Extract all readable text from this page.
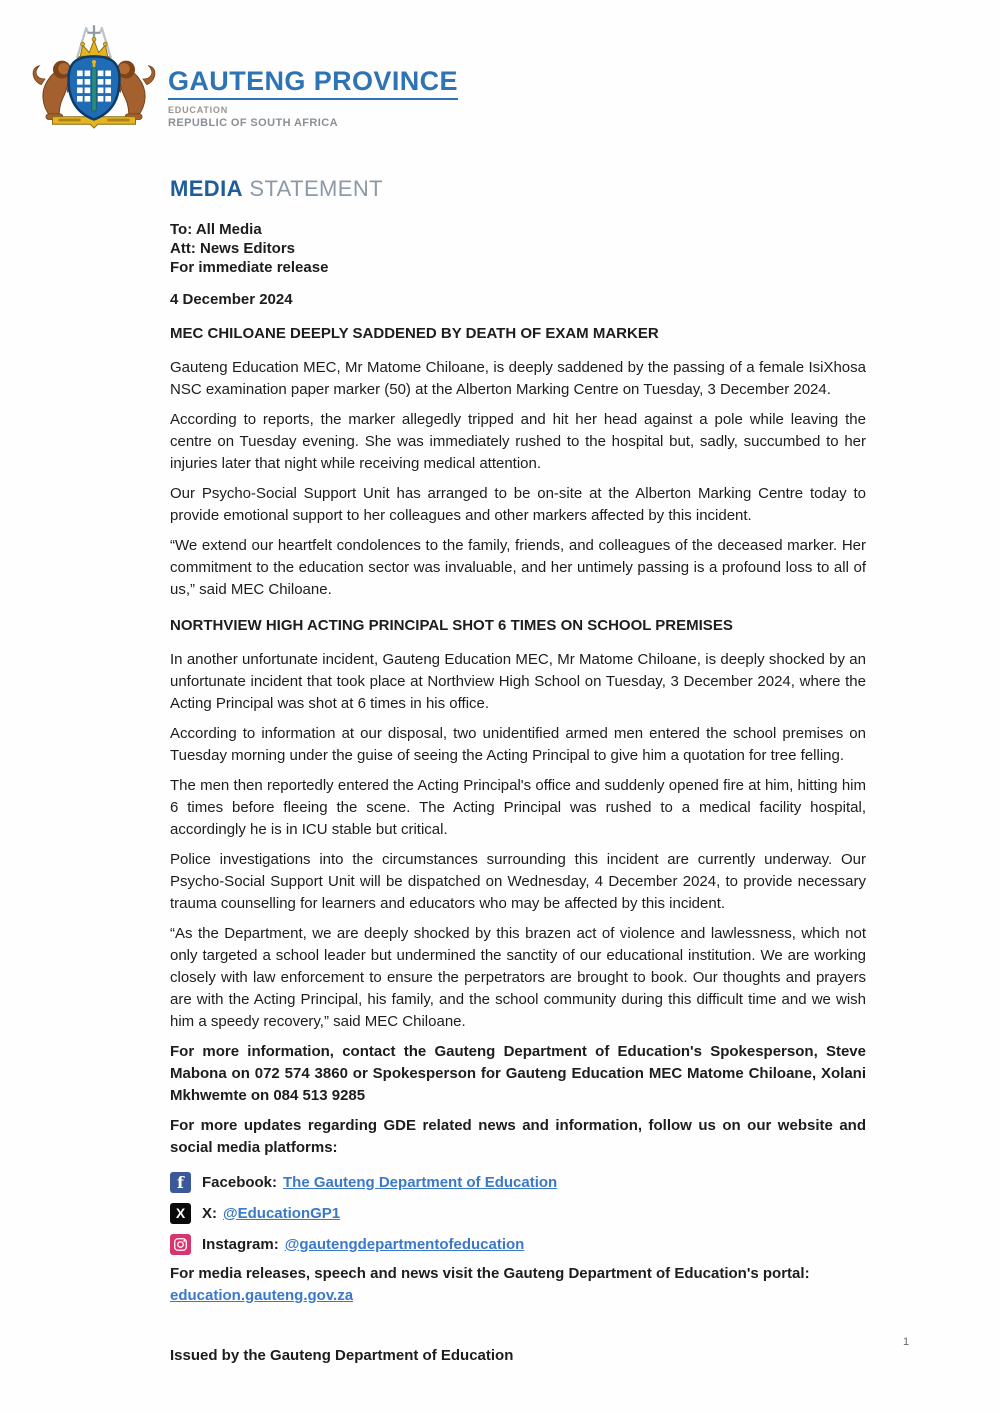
GAUTENG PROVINCE
EDUCATION
REPUBLIC OF SOUTH AFRICA
MEDIA STATEMENT
To: All Media
Att: News Editors
For immediate release
4 December 2024
MEC CHILOANE DEEPLY SADDENED BY DEATH OF EXAM MARKER

Gauteng Education MEC, Mr Matome Chiloane, is deeply saddened by the passing of a female IsiXhosa NSC examination paper marker (50) at the Alberton Marking Centre on Tuesday, 3 December 2024.

According to reports, the marker allegedly tripped and hit her head against a pole while leaving the centre on Tuesday evening. She was immediately rushed to the hospital but, sadly, succumbed to her injuries later that night while receiving medical attention.

Our Psycho-Social Support Unit has arranged to be on-site at the Alberton Marking Centre today to provide emotional support to her colleagues and other markers affected by this incident.

“We extend our heartfelt condolences to the family, friends, and colleagues of the deceased marker. Her commitment to the education sector was invaluable, and her untimely passing is a profound loss to all of us,” said MEC Chiloane.

NORTHVIEW HIGH ACTING PRINCIPAL SHOT 6 TIMES ON SCHOOL PREMISES

In another unfortunate incident, Gauteng Education MEC, Mr Matome Chiloane, is deeply shocked by an unfortunate incident that took place at Northview High School on Tuesday, 3 December 2024, where the Acting Principal was shot at 6 times in his office.

According to information at our disposal, two unidentified armed men entered the school premises on Tuesday morning under the guise of seeing the Acting Principal to give him a quotation for tree felling.

The men then reportedly entered the Acting Principal's office and suddenly opened fire at him, hitting him 6 times before fleeing the scene. The Acting Principal was rushed to a medical facility hospital, accordingly he is in ICU stable but critical.

Police investigations into the circumstances surrounding this incident are currently underway. Our Psycho-Social Support Unit will be dispatched on Wednesday, 4 December 2024, to provide necessary trauma counselling for learners and educators who may be affected by this incident.

“As the Department, we are deeply shocked by this brazen act of violence and lawlessness, which not only targeted a school leader but undermined the sanctity of our educational institution. We are working closely with law enforcement to ensure the perpetrators are brought to book. Our thoughts and prayers are with the Acting Principal, his family, and the school community during this difficult time and we wish him a speedy recovery,” said MEC Chiloane.

For more information, contact the Gauteng Department of Education's Spokesperson, Steve Mabona on 072 574 3860 or Spokesperson for Gauteng Education MEC Matome Chiloane, Xolani Mkhwemte on 084 513 9285

For more updates regarding GDE related news and information, follow us on our website and social media platforms:

f	Facebook: The Gauteng Department of Education
X	X: @EducationGP1
Instagram: @gautengdepartmentofeducation

For media releases, speech and news visit the Gauteng Department of Education's portal:
education.gauteng.gov.za

Issued by the Gauteng Department of Education
1
